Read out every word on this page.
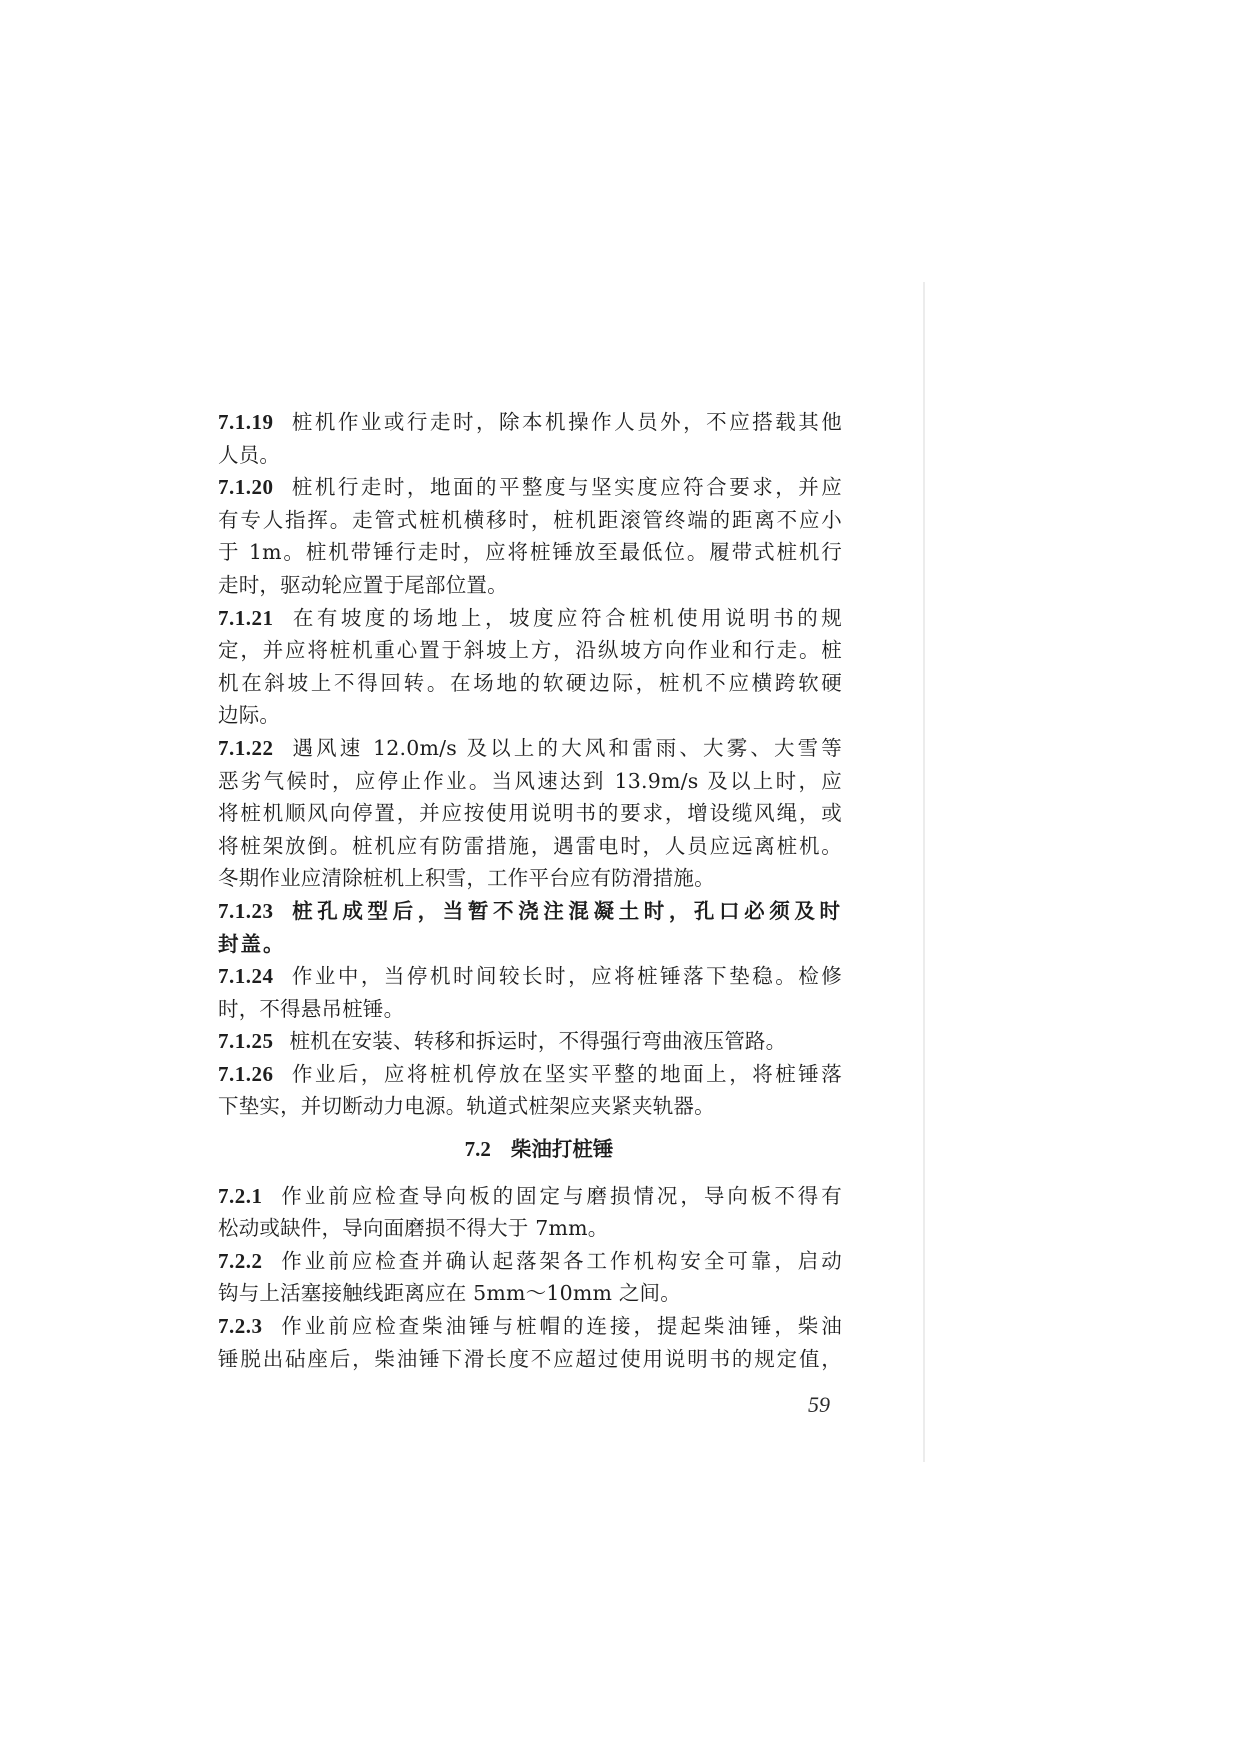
7.1.19 桩机作业或行走时，除本机操作人员外，不应搭载其他
人员。
7.1.20 桩机行走时，地面的平整度与坚实度应符合要求，并应
有专人指挥。走管式桩机横移时，桩机距滚管终端的距离不应小
于 1m。桩机带锤行走时，应将桩锤放至最低位。履带式桩机行
走时，驱动轮应置于尾部位置。
7.1.21 在有坡度的场地上，坡度应符合桩机使用说明书的规
定，并应将桩机重心置于斜坡上方，沿纵坡方向作业和行走。桩
机在斜坡上不得回转。在场地的软硬边际，桩机不应横跨软硬
边际。
7.1.22 遇风速 12.0m/s 及以上的大风和雷雨、大雾、大雪等
恶劣气候时，应停止作业。当风速达到 13.9m/s 及以上时，应
将桩机顺风向停置，并应按使用说明书的要求，增设缆风绳，或
将桩架放倒。桩机应有防雷措施，遇雷电时，人员应远离桩机。
冬期作业应清除桩机上积雪，工作平台应有防滑措施。
7.1.23 桩孔成型后，当暂不浇注混凝土时，孔口必须及时
封盖。
7.1.24 作业中，当停机时间较长时，应将桩锤落下垫稳。检修
时，不得悬吊桩锤。
7.1.25 桩机在安装、转移和拆运时，不得强行弯曲液压管路。
7.1.26 作业后，应将桩机停放在坚实平整的地面上，将桩锤落
下垫实，并切断动力电源。轨道式桩架应夹紧夹轨器。
7.2 柴油打桩锤
7.2.1 作业前应检查导向板的固定与磨损情况，导向板不得有
松动或缺件，导向面磨损不得大于 7mm。
7.2.2 作业前应检查并确认起落架各工作机构安全可靠，启动
钩与上活塞接触线距离应在 5mm～10mm 之间。
7.2.3 作业前应检查柴油锤与桩帽的连接，提起柴油锤，柴油
锤脱出砧座后，柴油锤下滑长度不应超过使用说明书的规定值，
59
